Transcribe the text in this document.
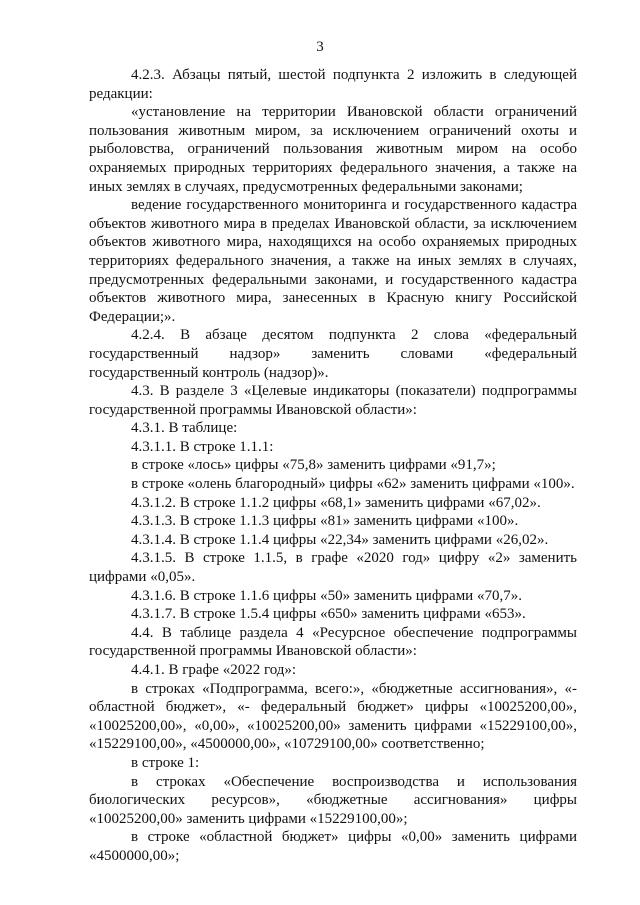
3

4.2.3. Абзацы пятый, шестой подпункта 2 изложить в следующей редакции:

«установление на территории Ивановской области ограничений пользования животным миром, за исключением ограничений охоты и рыболовства, ограничений пользования животным миром на особо охраняемых природных территориях федерального значения, а также на иных землях в случаях, предусмотренных федеральными законами;

ведение государственного мониторинга и государственного кадастра объектов животного мира в пределах Ивановской области, за исключением объектов животного мира, находящихся на особо охраняемых природных территориях федерального значения, а также на иных землях в случаях, предусмотренных федеральными законами, и государственного кадастра объектов животного мира, занесенных в Красную книгу Российской Федерации;».

4.2.4. В абзаце десятом подпункта 2 слова «федеральный государственный надзор» заменить словами «федеральный государственный контроль (надзор)».

4.3. В разделе 3 «Целевые индикаторы (показатели) подпрограммы государственной программы Ивановской области»:

4.3.1. В таблице:

4.3.1.1. В строке 1.1.1:

в строке «лось» цифры «75,8» заменить цифрами «91,7»;

в строке «олень благородный» цифры «62» заменить цифрами «100».

4.3.1.2. В строке 1.1.2 цифры «68,1» заменить цифрами «67,02».

4.3.1.3. В строке 1.1.3 цифры «81» заменить цифрами «100».

4.3.1.4. В строке 1.1.4 цифры «22,34» заменить цифрами «26,02».

4.3.1.5. В строке 1.1.5, в графе «2020 год» цифру «2» заменить цифрами «0,05».

4.3.1.6. В строке 1.1.6 цифры «50» заменить цифрами «70,7».

4.3.1.7. В строке 1.5.4 цифры «650» заменить цифрами «653».

4.4. В таблице раздела 4 «Ресурсное обеспечение подпрограммы государственной программы Ивановской области»:

4.4.1. В графе «2022 год»:

в строках «Подпрограмма, всего:», «бюджетные ассигнования», «-областной бюджет», «- федеральный бюджет» цифры «10025200,00», «10025200,00», «0,00», «10025200,00» заменить цифрами «15229100,00», «15229100,00», «4500000,00», «10729100,00» соответственно;

в строке 1:

в строках «Обеспечение воспроизводства и использования биологических ресурсов», «бюджетные ассигнования» цифры «10025200,00» заменить цифрами «15229100,00»;

в строке «областной бюджет» цифры «0,00» заменить цифрами «4500000,00»;
